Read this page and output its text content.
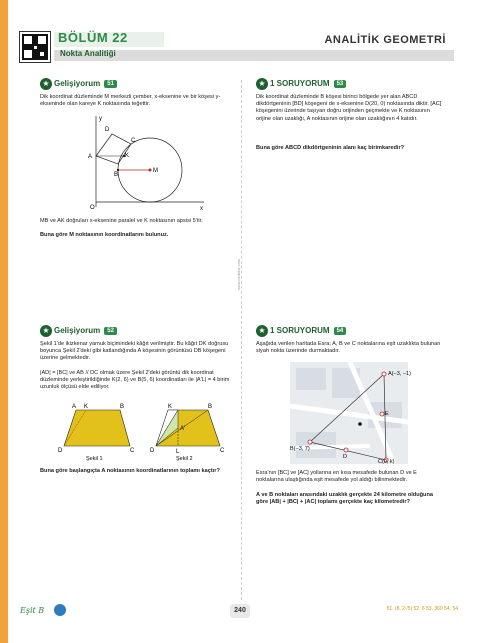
BÖLÜM 22
Nokta Analitiği
ANALİTİK GEOMETRİ
www.ozdebir.com
★ Gelişiyorum	51
Dik koordinat düzleminde M merkezli çember, x-eksenine ve bir köşesi y-ekseninde olan kareye K noktasında teğettir.
y
x
O
D
C
A	K
B
M
MB ve AK doğruları x-eksenine paralel ve K noktasının apsisi 5'tir.
Buna göre M noktasının koordinatlarını bulunuz.
★ 1 SORUYORUM	53
Dik koordinat düzleminde B köşesi birinci bölgede yer alan ABCD dikdörtgeninin [BD] köşegeni de x-eksenine D(20, 0) noktasında diktir. [AC] köşegenini üzerinde taşıyan doğru orijinden geçmekte ve K noktasının orijine olan uzaklığı, A noktasının orijine olan uzaklığının 4 katıdır.
Buna göre ABCD dikdörtgeninin alanı kaç birimkaredir?
★ Gelişiyorum	52
Şekil 1'de ikizkenar yamuk biçimindeki kâğıt verilmiştir. Bu kâğıt DK doğrusu boyunca Şekil 2'deki gibi katlandığında A köşesinin görüntüsü DB köşegeni üzerine gelmektedir.
|AD| = |BC| ve AB // DC olmak üzere Şekil 2'deki görüntü dik koordinat düzleminde yerleştirildiğinde K(2, 6) ve B(5, 6) koordinatları ile |A'L| = 4 birim uzunluk ölçüsü elde ediliyor.
A K	B
D	C
K	B
A'
D	L	C
Şekil 1	Şekil 2
Buna göre başlangıçta A noktasının koordinatlarının toplamı kaçtır?
★ 1 SORUYORUM	54
Aşağıda verilen haritada Esra; A, B ve C noktalarına eşit uzaklıkta bulunan siyah nokta üzerinde durmaktadır.
A(−3, −1)
E
B(−3, 7)
D
C(0, k)
Esra'nın [BC] ve [AC] yollarına en kısa mesafede bulunan D ve E noktalarına ulaştığında eşit mesafede yol aldığı bilinmektedir.
A ve B noktaları arasındaki uzaklık gerçekte 24 kilometre olduğuna göre |AB| + |BC| + |AC| toplamı gerçekte kaç kilometredir?
Eşit B	240	51. (8, 2√5) 52. 6 53. 360 54. 54
